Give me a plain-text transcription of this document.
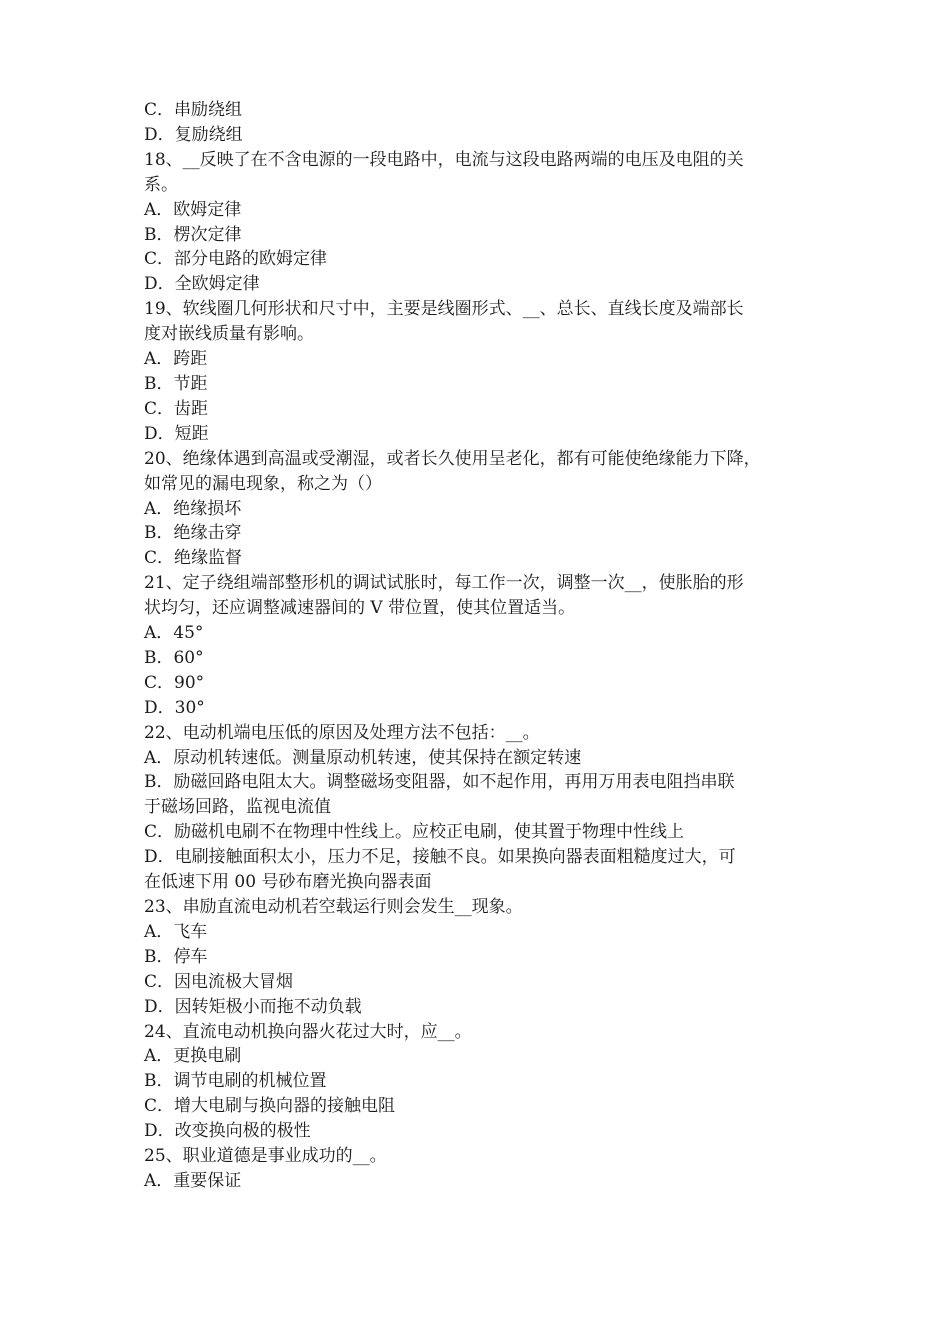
C．串励绕组
D．复励绕组
18、__反映了在不含电源的一段电路中，电流与这段电路两端的电压及电阻的关
系。
A．欧姆定律
B．楞次定律
C．部分电路的欧姆定律
D．全欧姆定律
19、软线圈几何形状和尺寸中，主要是线圈形式、__、总长、直线长度及端部长
度对嵌线质量有影响。
A．跨距
B．节距
C．齿距
D．短距
20、绝缘体遇到高温或受潮湿，或者长久使用呈老化，都有可能使绝缘能力下降，
如常见的漏电现象，称之为（）
A．绝缘损坏
B．绝缘击穿
C．绝缘监督
21、定子绕组端部整形机的调试试胀时，每工作一次，调整一次__，使胀胎的形
状均匀，还应调整减速器间的 V 带位置，使其位置适当。
A．45°
B．60°
C．90°
D．30°
22、电动机端电压低的原因及处理方法不包括：__。
A．原动机转速低。测量原动机转速，使其保持在额定转速
B．励磁回路电阻太大。调整磁场变阻器，如不起作用，再用万用表电阻挡串联
于磁场回路，监视电流值
C．励磁机电刷不在物理中性线上。应校正电刷，使其置于物理中性线上
D．电刷接触面积太小，压力不足，接触不良。如果换向器表面粗糙度过大，可
在低速下用 00 号砂布磨光换向器表面
23、串励直流电动机若空载运行则会发生__现象。
A．飞车
B．停车
C．因电流极大冒烟
D．因转矩极小而拖不动负载
24、直流电动机换向器火花过大时，应__。
A．更换电刷
B．调节电刷的机械位置
C．增大电刷与换向器的接触电阻
D．改变换向极的极性
25、职业道德是事业成功的__。
A．重要保证
